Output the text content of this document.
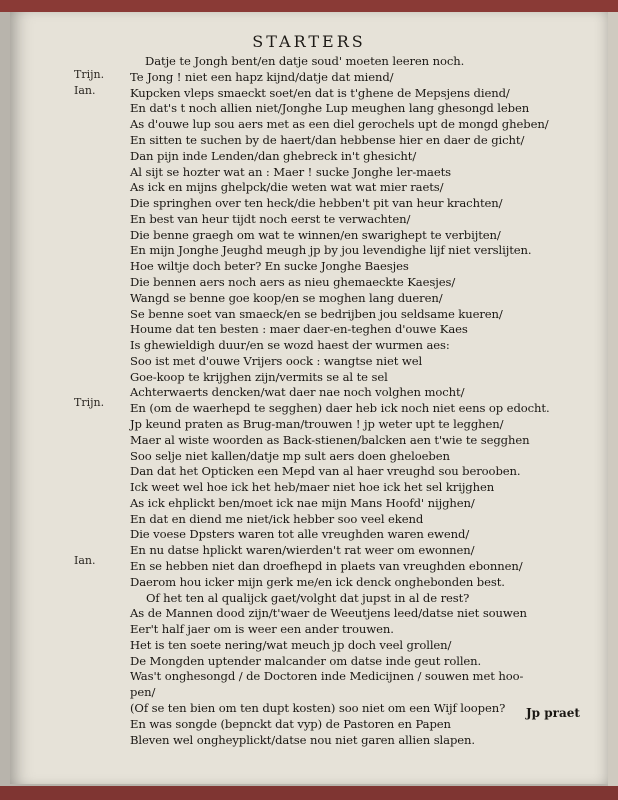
STARTERS
Trijn.
Ian.
Trijn.
Ian.
Datje te Jongh bent/en datje soud' moeten leeren noch.
Te Jong ! niet een hapz kijnd/datje dat miend/
Kupcken vleps smaeckt soet/en dat is t'ghene de Mepsjens diend/
En dat's t noch allien niet/Jonghe Lup meughen lang ghesongd leben
As d'ouwe lup sou aers met as een diel gerochels upt de mongd gheben/
En sitten te suchen by de haert/dan hebbense hier en daer de gicht/
Dan pijn inde Lenden/dan ghebreck in't ghesicht/
Al sijt se hozter wat an : Maer ! sucke Jonghe ler-maets
As ick en mijns ghelpck/die weten wat wat mier raets/
Die springhen over ten heck/die hebben't pit van heur krachten/
En best van heur tijdt noch eerst te verwachten/
Die benne graegh om wat te winnen/en swarighept te verbijten/
En mijn Jonghe Jeughd meugh jp by jou levendighe lijf niet verslijten.
Hoe wiltje doch beter? En sucke Jonghe Baesjes
Die bennen aers noch aers as nieu ghemaeckte Kaesjes/
Wangd se benne goe koop/en se moghen lang dueren/
Se benne soet van smaeck/en se bedrijben jou seldsame kueren/
Houme dat ten besten : maer daer-en-teghen d'ouwe Kaes
Is ghewieldigh duur/en se wozd haest der wurmen aes:
Soo ist met d'ouwe Vrijers oock : wangtse niet wel
Goe-koop te krijghen zijn/vermits se al te sel
Achterwaerts dencken/wat daer nae noch volghen mocht/
En (om de waerhepd te segghen) daer heb ick noch niet eens op edocht.
Jp keund praten as Brug-man/trouwen ! jp weter upt te legghen/
Maer al wiste woorden as Back-stienen/balcken aen t'wie te segghen
Soo selje niet kallen/datje mp sult aers doen gheloeben
Dan dat het Opticken een Mepd van al haer vreughd sou berooben.
Ick weet wel hoe ick het heb/maer niet hoe ick het sel krijghen
As ick ehplickt ben/moet ick nae mijn Mans Hoofd' nijghen/
En dat en diend me niet/ick hebber soo veel ekend
Die voese Dpsters waren tot alle vreughden waren ewend/
En nu datse hplickt waren/wierden't rat weer om ewonnen/
En se hebben niet dan droefhepd in plaets van vreughden ebonnen/
Daerom hou icker mijn gerk me/en ick denck onghebonden best.
Of het ten al qualijck gaet/volght dat jupst in al de rest?
As de Mannen dood zijn/t'waer de Weeutjens leed/datse niet souwen
Eer't half jaer om is weer een ander trouwen.
Het is ten soete nering/wat meuch jp doch veel grollen/
De Mongden uptender malcander om datse inde geut rollen.
Was't onghesongd / de Doctoren inde Medicijnen / souwen met hoo-
pen/
(Of se ten bien om ten dupt kosten) soo niet om een Wijf loopen?
En was songde (bepnckt dat vyp) de Pastoren en Papen
Bleven wel ongheyplickt/datse nou niet garen allien slapen.
Jp praet
